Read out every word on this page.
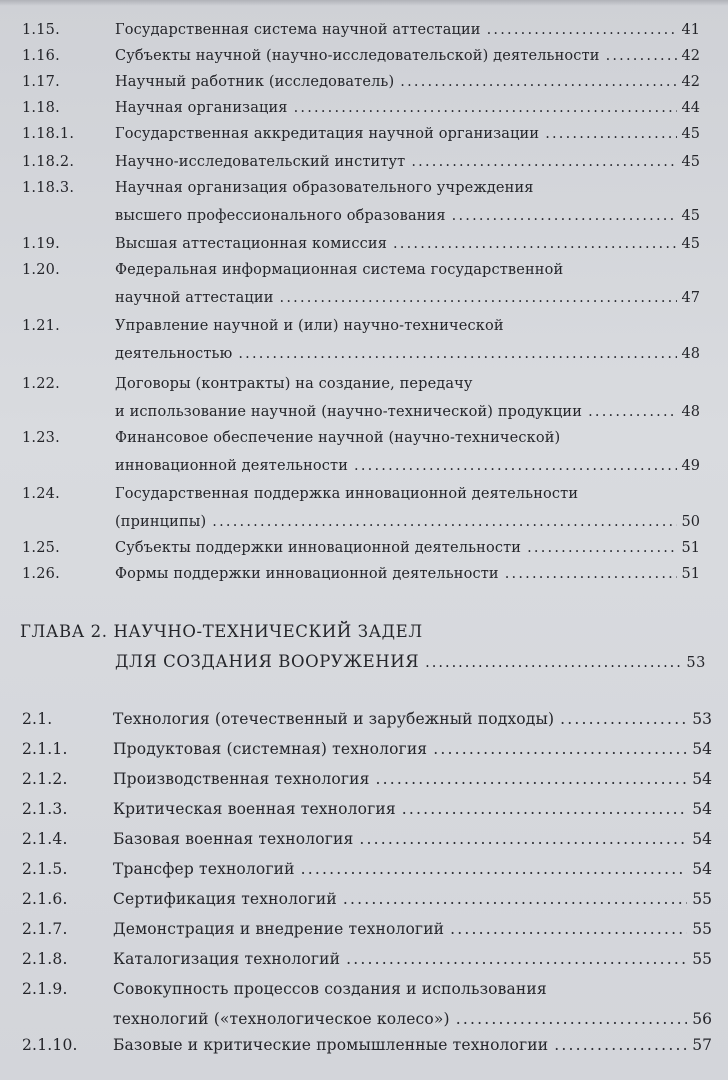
1.15.	Государственная система научной аттестации .....	41
1.16.	Субъекты научной (научно-исследовательской) деятельности .....	42
1.17.	Научный работник (исследователь) .....	42
1.18.	Научная организация .....	44
1.18.1.	Государственная аккредитация научной организации .....	45
1.18.2.	Научно-исследовательский институт .....	45
1.18.3.	Научная организация образовательного учреждения
высшего профессионального образования .....	45
1.19.	Высшая аттестационная комиссия .....	45
1.20.	Федеральная информационная система государственной
научной аттестации .....	47
1.21.	Управление научной и (или) научно-технической
деятельностью .....	48
1.22.	Договоры (контракты) на создание, передачу
и использование научной (научно-технической) продукции .....	48
1.23.	Финансовое обеспечение научной (научно-технической)
инновационной деятельности .....	49
1.24.	Государственная поддержка инновационной деятельности
(принципы) .....	50
1.25.	Субъекты поддержки инновационной деятельности .....	51
1.26.	Формы поддержки инновационной деятельности .....	51
ГЛАВА 2. НАУЧНО-ТЕХНИЧЕСКИЙ ЗАДЕЛ
ДЛЯ СОЗДАНИЯ ВООРУЖЕНИЯ .....	53
2.1.	Технология (отечественный и зарубежный подходы) .....	53
2.1.1.	Продуктовая (системная) технология .....	54
2.1.2.	Производственная технология .....	54
2.1.3.	Критическая военная технология .....	54
2.1.4.	Базовая военная технология .....	54
2.1.5.	Трансфер технологий .....	54
2.1.6.	Сертификация технологий .....	55
2.1.7.	Демонстрация и внедрение технологий .....	55
2.1.8.	Каталогизация технологий .....	55
2.1.9.	Совокупность процессов создания и использования
технологий («технологическое колесо») .....	56
2.1.10. Базовые и критические промышленные технологии .....	57
